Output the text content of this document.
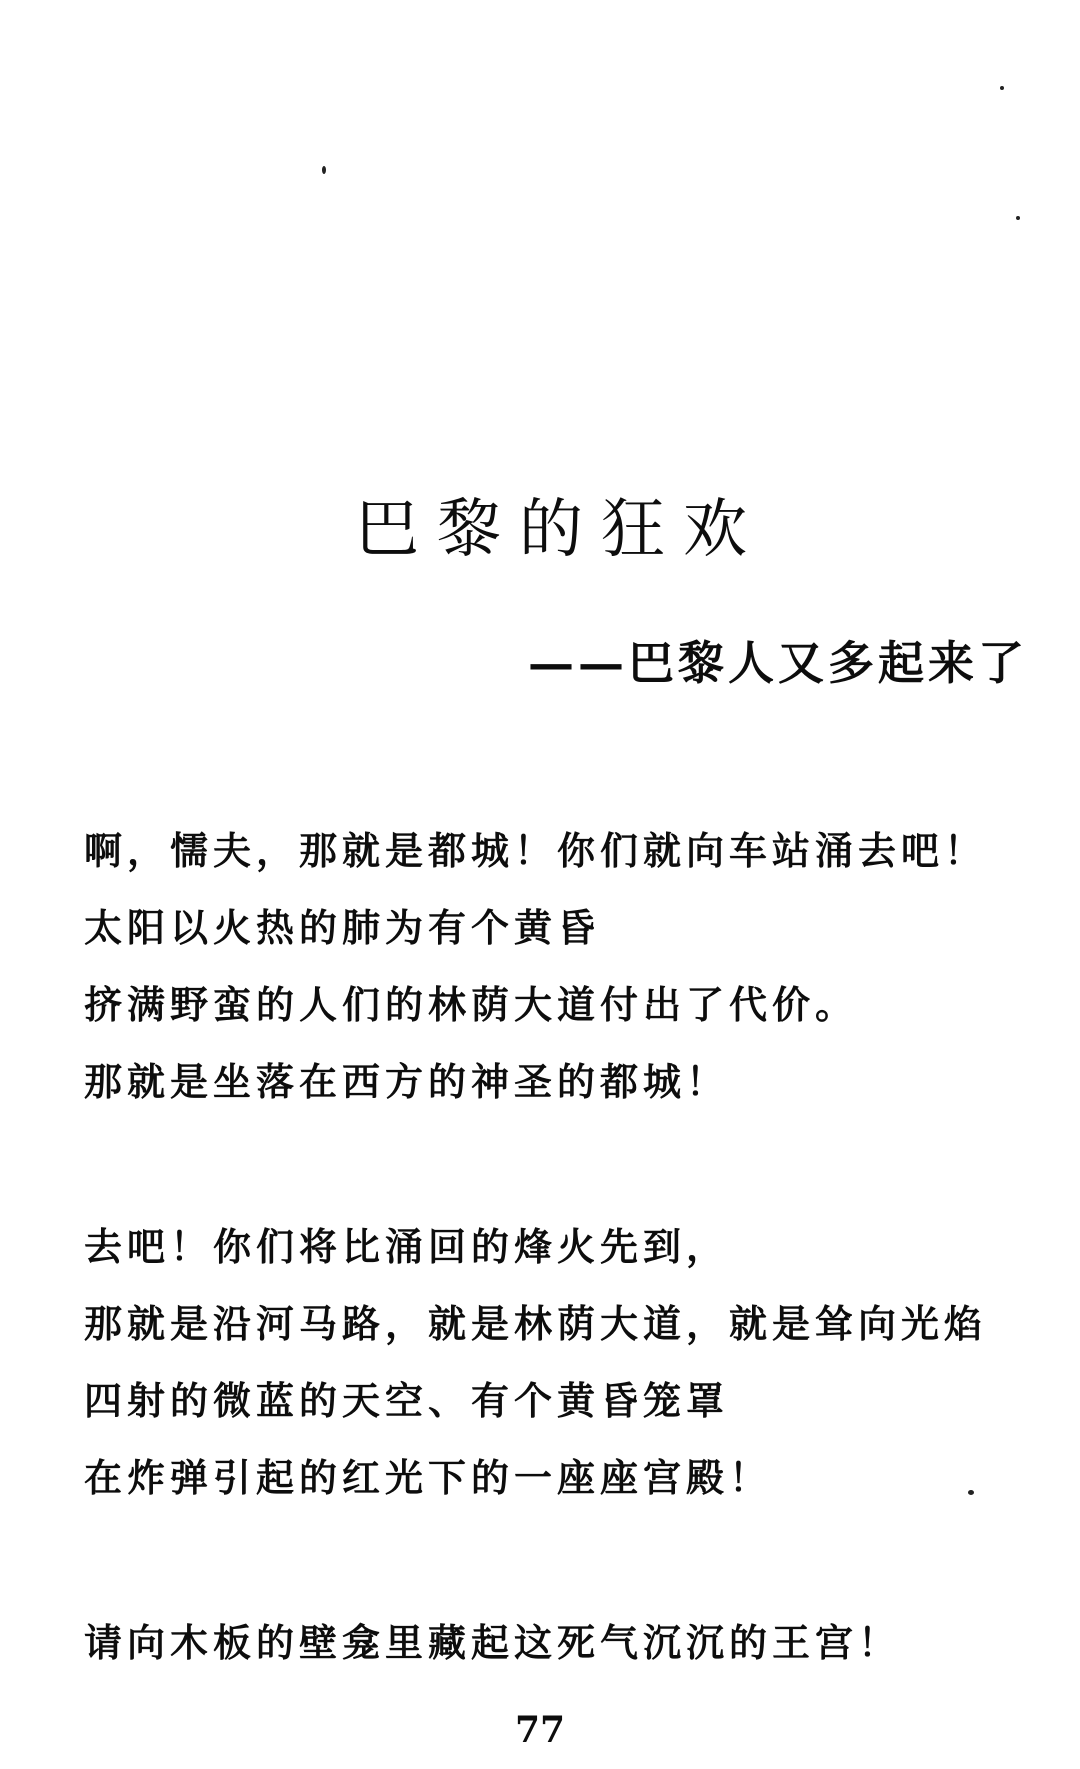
巴黎的狂欢
——巴黎人又多起来了
啊，懦夫，那就是都城！你们就向车站涌去吧！
太阳以火热的肺为有个黄昏
挤满野蛮的人们的林荫大道付出了代价。
那就是坐落在西方的神圣的都城！
去吧！你们将比涌回的烽火先到，
那就是沿河马路，就是林荫大道，就是耸向光焰
四射的微蓝的天空、有个黄昏笼罩
在炸弹引起的红光下的一座座宫殿！
请向木板的壁龛里藏起这死气沉沉的王宫！
77
